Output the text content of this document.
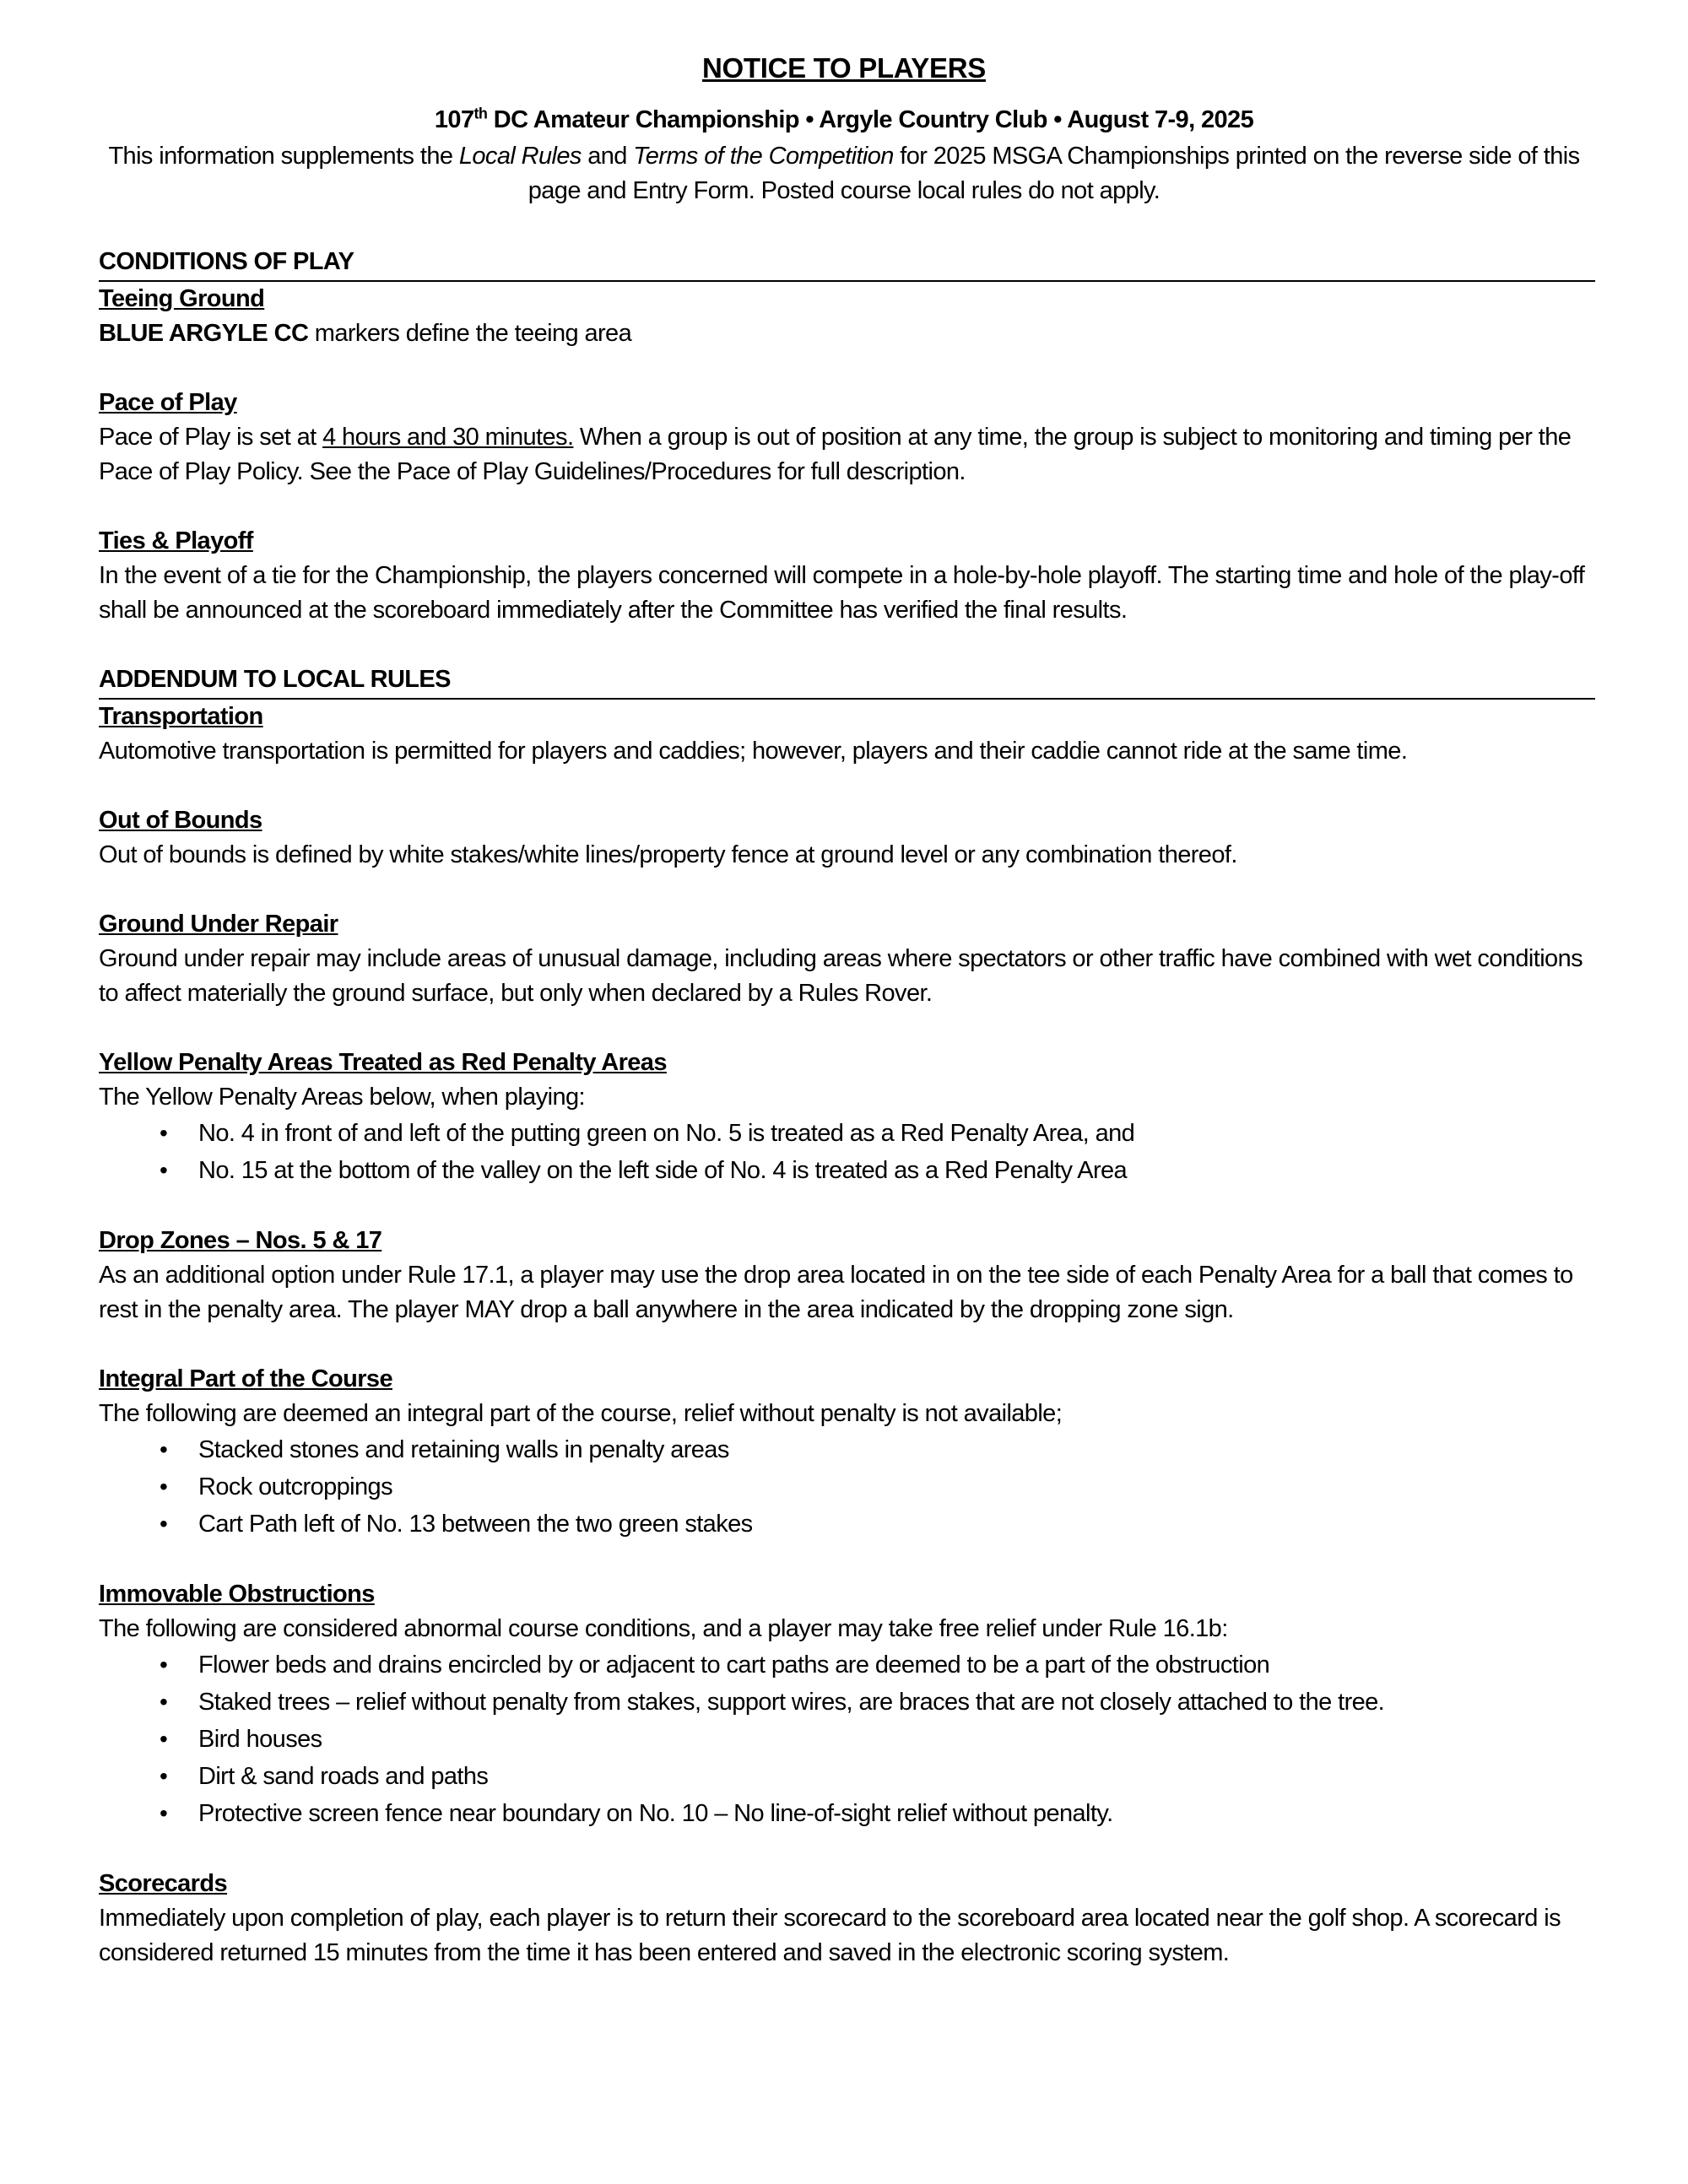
NOTICE TO PLAYERS
107th DC Amateur Championship • Argyle Country Club • August 7-9, 2025
This information supplements the Local Rules and Terms of the Competition for 2025 MSGA Championships printed on the reverse side of this page and Entry Form. Posted course local rules do not apply.
CONDITIONS OF PLAY
Teeing Ground

BLUE ARGYLE CC markers define the teeing area

Pace of Play

Pace of Play is set at 4 hours and 30 minutes. When a group is out of position at any time, the group is subject to monitoring and timing per the Pace of Play Policy. See the Pace of Play Guidelines/Procedures for full description.

Ties & Playoff

In the event of a tie for the Championship, the players concerned will compete in a hole-by-hole playoff. The starting time and hole of the play-off shall be announced at the scoreboard immediately after the Committee has verified the final results.

ADDENDUM TO LOCAL RULES
Transportation

Automotive transportation is permitted for players and caddies; however, players and their caddie cannot ride at the same time.

Out of Bounds

Out of bounds is defined by white stakes/white lines/property fence at ground level or any combination thereof.

Ground Under Repair

Ground under repair may include areas of unusual damage, including areas where spectators or other traffic have combined with wet conditions to affect materially the ground surface, but only when declared by a Rules Rover.

Yellow Penalty Areas Treated as Red Penalty Areas

The Yellow Penalty Areas below, when playing:

• No. 4 in front of and left of the putting green on No. 5 is treated as a Red Penalty Area, and
• No. 15 at the bottom of the valley on the left side of No. 4 is treated as a Red Penalty Area
Drop Zones – Nos. 5 & 17

As an additional option under Rule 17.1, a player may use the drop area located in on the tee side of each Penalty Area for a ball that comes to rest in the penalty area. The player MAY drop a ball anywhere in the area indicated by the dropping zone sign.

Integral Part of the Course

The following are deemed an integral part of the course, relief without penalty is not available;

• Stacked stones and retaining walls in penalty areas
• Rock outcroppings
• Cart Path left of No. 13 between the two green stakes
Immovable Obstructions

The following are considered abnormal course conditions, and a player may take free relief under Rule 16.1b:

• Flower beds and drains encircled by or adjacent to cart paths are deemed to be a part of the obstruction
• Staked trees – relief without penalty from stakes, support wires, are braces that are not closely attached to the tree.
• Bird houses
• Dirt & sand roads and paths
• Protective screen fence near boundary on No. 10 – No line-of-sight relief without penalty.
Scorecards

Immediately upon completion of play, each player is to return their scorecard to the scoreboard area located near the golf shop. A scorecard is considered returned 15 minutes from the time it has been entered and saved in the electronic scoring system.
